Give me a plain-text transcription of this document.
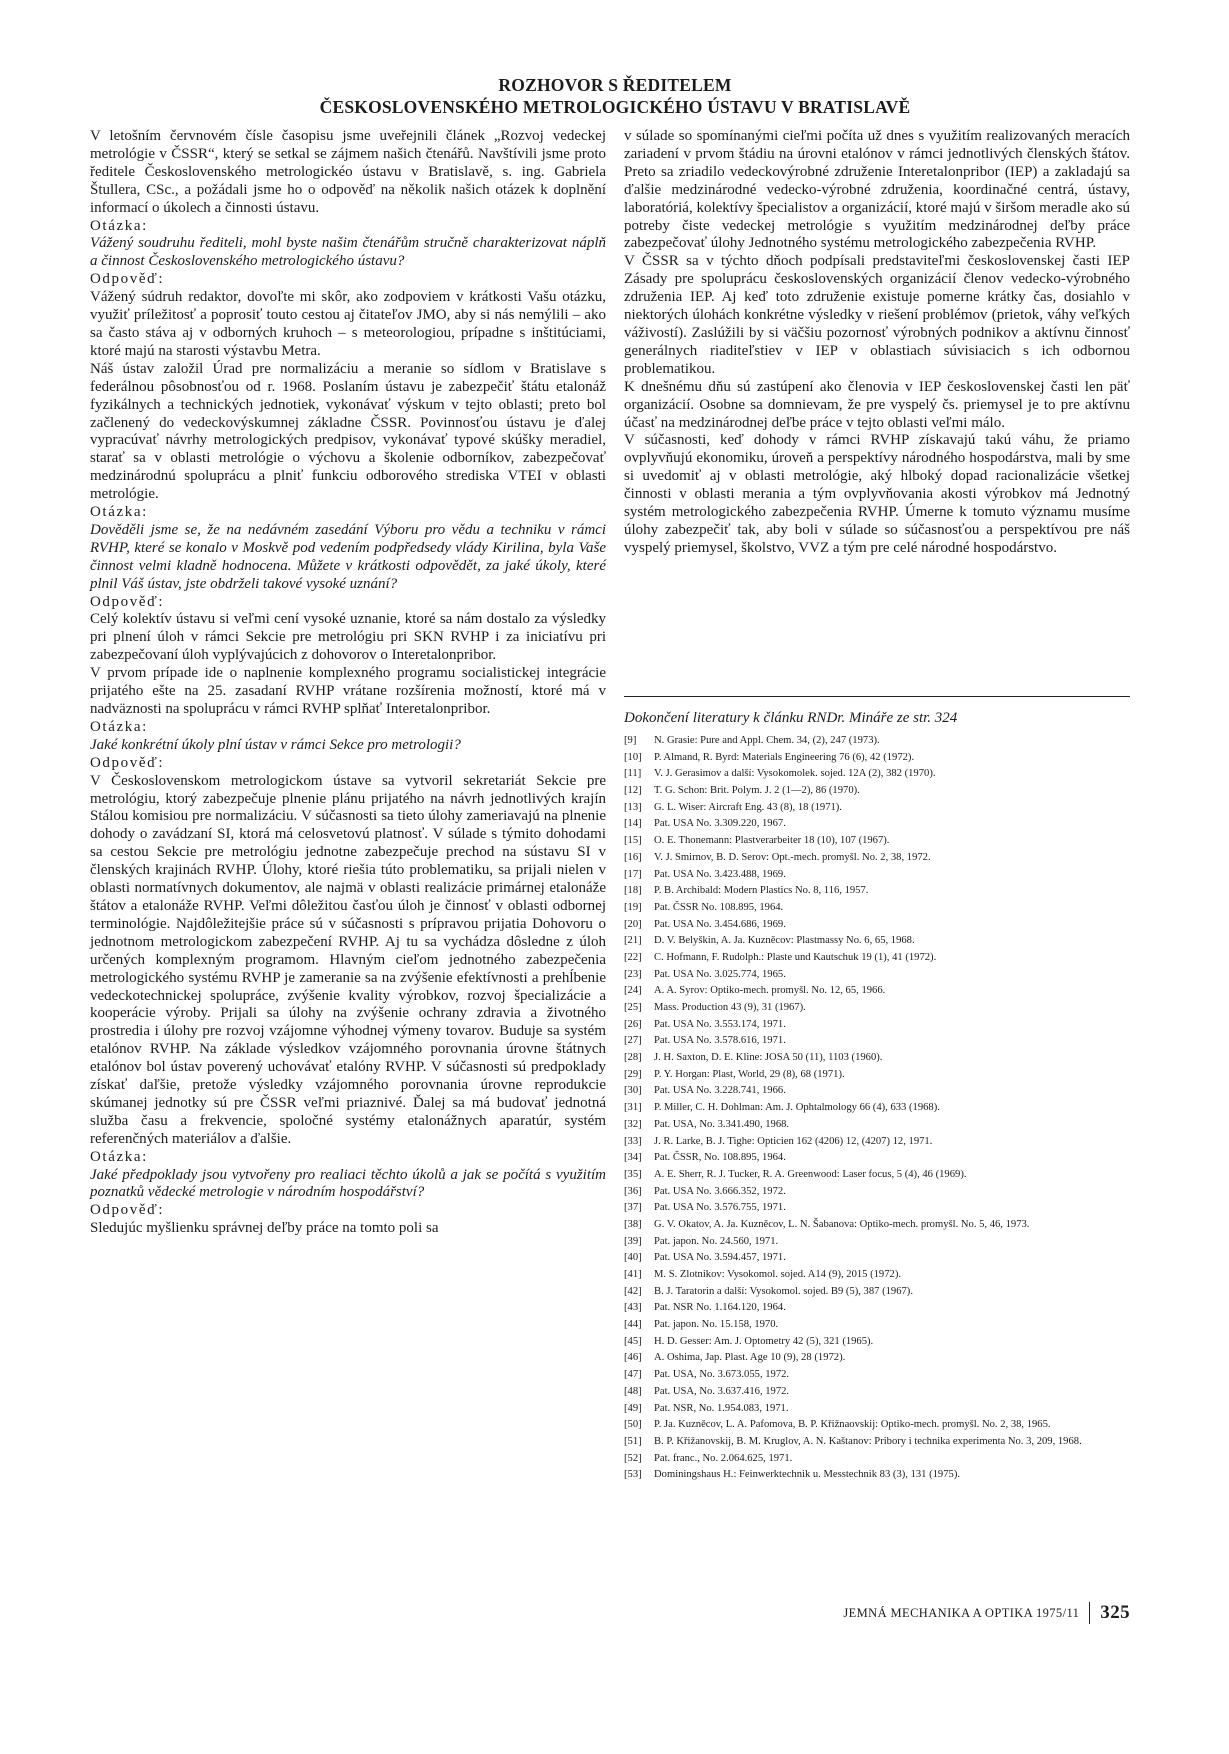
ROZHOVOR S ŘEDITELEM
ČESKOSLOVENSKÉHO METROLOGICKÉHO ÚSTAVU V BRATISLAVĚ

V letošním červnovém čísle časopisu jsme uveřejnili článek „Rozvoj vedeckej metrológie v ČSSR“, který se setkal se zájmem našich čtenářů. Navštívili jsme proto ředitele Československého metrologickéo ústavu v Bratislavě, s. ing. Gabriela Štullera, CSc., a požádali jsme ho o odpověď na několik našich otázek k doplnění informací o úkolech a činnosti ústavu.

Otázka:

Vážený soudruhu řediteli, mohl byste našim čtenářům stručně charakterizovat náplň a činnost Československého metrologického ústavu?

Odpověď:

Vážený súdruh redaktor, dovoľte mi skôr, ako zodpoviem v krátkosti Vašu otázku, využiť príležitosť a poprosiť touto cestou aj čitateľov JMO, aby si nás nemýlili – ako sa často stáva aj v odborných kruhoch – s meteorologiou, prípadne s inštitúciami, ktoré majú na starosti výstavbu Metra.

Náš ústav založil Úrad pre normalizáciu a meranie so sídlom v Bratislave s federálnou pôsobnosťou od r. 1968. Poslaním ústavu je zabezpečiť štátu etalonáž fyzikálnych a technických jednotiek, vykonávať výskum v tejto oblasti; preto bol začlenený do vedeckovýskumnej základne ČSSR. Povinnosťou ústavu je ďalej vypracúvať návrhy metrologických predpisov, vykonávať typové skúšky meradiel, starať sa v oblasti metrológie o výchovu a školenie odborníkov, zabezpečovať medzinárodnú spoluprácu a plniť funkciu odborového strediska VTEI v oblasti metrológie.

Otázka:

Dověděli jsme se, že na nedávném zasedání Výboru pro vědu a techniku v rámci RVHP, které se konalo v Moskvě pod vedením podpředsedy vlády Kirilina, byla Vaše činnost velmi kladně hodnocena. Můžete v krátkosti odpovědět, za jaké úkoly, které plnil Váš ústav, jste obdrželi takové vysoké uznání?

Odpověď:

Celý kolektív ústavu si veľmi cení vysoké uznanie, ktoré sa nám dostalo za výsledky pri plnení úloh v rámci Sekcie pre metrológiu pri SKN RVHP i za iniciatívu pri zabezpečovaní úloh vyplývajúcich z dohovorov o Interetalonpribor.

V prvom prípade ide o naplnenie komplexného programu socialistickej integrácie prijatého ešte na 25. zasadaní RVHP vrátane rozšírenia možností, ktoré má v nadväznosti na spoluprácu v rámci RVHP splňať Interetalonpribor.

Otázka:

Jaké konkrétní úkoly plní ústav v rámci Sekce pro metrologii?

Odpověď:

V Československom metrologickom ústave sa vytvoril sekretariát Sekcie pre metrológiu, ktorý zabezpečuje plnenie plánu prijatého na návrh jednotlivých krajín Stálou komisiou pre normalizáciu. V súčasnosti sa tieto úlohy zameriavajú na plnenie dohody o zavádzaní SI, ktorá má celosvetovú platnosť. V súlade s týmito dohodami sa cestou Sekcie pre metrológiu jednotne zabezpečuje prechod na sústavu SI v členských krajinách RVHP. Úlohy, ktoré riešia túto problematiku, sa prijali nielen v oblasti normatívnych dokumentov, ale najmä v oblasti realizácie primárnej etalonáže štátov a etalonáže RVHP. Veľmi dôležitou časťou úloh je činnosť v oblasti odbornej terminológie. Najdôležitejšie práce sú v súčasnosti s prípravou prijatia Dohovoru o jednotnom metrologickom zabezpečení RVHP. Aj tu sa vychádza dôsledne z úloh určených komplexným programom. Hlavným cieľom jednotného zabezpečenia metrologického systému RVHP je zameranie sa na zvýšenie efektívnosti a prehĺbenie vedeckotechnickej spolupráce, zvýšenie kvality výrobkov, rozvoj špecializácie a kooperácie výroby. Prijali sa úlohy na zvýšenie ochrany zdravia a životného prostredia i úlohy pre rozvoj vzájomne výhodnej výmeny tovarov. Buduje sa systém etalónov RVHP. Na základe výsledkov vzájomného porovnania úrovne štátnych etalónov bol ústav poverený uchovávať etalóny RVHP. V súčasnosti sú predpoklady získať daľšie, pretože výsledky vzájomného porovnania úrovne reprodukcie skúmanej jednotky sú pre ČSSR veľmi priaznivé. Ďalej sa má budovať jednotná služba času a frekvencie, spoločné systémy etalonážnych aparatúr, systém referenčných materiálov a ďalšie.

Otázka:

Jaké předpoklady jsou vytvořeny pro realiaci těchto úkolů a jak se počítá s využitím poznatků vědecké metrologie v národním hospodářství?

Odpověď:

Sledujúc myšlienku správnej deľby práce na tomto poli sa

v súlade so spomínanými cieľmi počíta už dnes s využitím realizovaných meracích zariadení v prvom štádiu na úrovni etalónov v rámci jednotlivých členských štátov. Preto sa zriadilo vedeckovýrobné združenie Interetalonpribor (IEP) a zakladajú sa ďalšie medzinárodné vedecko-výrobné združenia, koordinačné centrá, ústavy, laboratóriá, kolektívy špecialistov a organizácií, ktoré majú v širšom meradle ako sú potreby čiste vedeckej metrológie s využitím medzinárodnej deľby práce zabezpečovať úlohy Jednotného systému metrologického zabezpečenia RVHP.

V ČSSR sa v týchto dňoch podpísali predstaviteľmi československej časti IEP Zásady pre spoluprácu československých organizácií členov vedecko-výrobného združenia IEP. Aj keď toto združenie existuje pomerne krátky čas, dosiahlo v niektorých úlohách konkrétne výsledky v riešení problémov (prietok, váhy veľkých váživostí). Zaslúžili by si väčšiu pozornosť výrobných podnikov a aktívnu činnosť generálnych riaditeľstiev v IEP v oblastiach súvisiacich s ich odbornou problematikou.

K dnešnému dňu sú zastúpení ako členovia v IEP československej časti len päť organizácií. Osobne sa domnievam, že pre vyspelý čs. priemysel je to pre aktívnu účasť na medzinárodnej deľbe práce v tejto oblasti veľmi málo.

V súčasnosti, keď dohody v rámci RVHP získavajú takú váhu, že priamo ovplyvňujú ekonomiku, úroveň a perspektívy národného hospodárstva, mali by sme si uvedomiť aj v oblasti metrológie, aký hlboký dopad racionalizácie všetkej činnosti v oblasti merania a tým ovplyvňovania akosti výrobkov má Jednotný systém metrologického zabezpečenia RVHP. Úmerne k tomuto významu musíme úlohy zabezpečiť tak, aby boli v súlade so súčasnosťou a perspektívou pre náš vyspelý priemysel, školstvo, VVZ a tým pre celé národné hospodárstvo.

Dokončení literatury k článku RNDr. Mináře ze str. 324
[9]	N. Grasie: Pure and Appl. Chem. 34, (2), 247 (1973).
[10]	P. Almand, R. Byrd: Materials Engineering 76 (6), 42 (1972).
[11]	V. J. Gerasimov a další: Vysokomolek. sojed. 12A (2), 382 (1970).
[12]	T. G. Schon: Brit. Polym. J. 2 (1—2), 86 (1970).
[13]	G. L. Wiser: Aircraft Eng. 43 (8), 18 (1971).
[14]	Pat. USA No. 3.309.220, 1967.
[15]	O. E. Thonemann: Plastverarbeiter 18 (10), 107 (1967).
[16]	V. J. Smirnov, B. D. Serov: Opt.-mech. promyšl. No. 2, 38, 1972.
[17]	Pat. USA No. 3.423.488, 1969.
[18]	P. B. Archibald: Modern Plastics No. 8, 116, 1957.
[19]	Pat. ČSSR No. 108.895, 1964.
[20]	Pat. USA No. 3.454.686, 1969.
[21]	D. V. Belyškin, A. Ja. Kuzněcov: Plastmassy No. 6, 65, 1968.
[22]	C. Hofmann, F. Rudolph.: Plaste und Kautschuk 19 (1), 41 (1972).
[23]	Pat. USA No. 3.025.774, 1965.
[24]	A. A. Syrov: Optiko-mech. promyšl. No. 12, 65, 1966.
[25]	Mass. Production 43 (9), 31 (1967).
[26]	Pat. USA No. 3.553.174, 1971.
[27]	Pat. USA No. 3.578.616, 1971.
[28]	J. H. Saxton, D. E. Kline: JOSA 50 (11), 1103 (1960).
[29]	P. Y. Horgan: Plast, World, 29 (8), 68 (1971).
[30]	Pat. USA No. 3.228.741, 1966.
[31]	P. Miller, C. H. Dohlman: Am. J. Ophtalmology 66 (4), 633 (1968).
[32]	Pat. USA, No. 3.341.490, 1968.
[33]	J. R. Larke, B. J. Tighe: Opticien 162 (4206) 12, (4207) 12, 1971.
[34]	Pat. ČSSR, No. 108.895, 1964.
[35]	A. E. Sherr, R. J. Tucker, R. A. Greenwood: Laser focus, 5 (4), 46 (1969).
[36]	Pat. USA No. 3.666.352, 1972.
[37]	Pat. USA No. 3.576.755, 1971.
[38]	G. V. Okatov, A. Ja. Kuzněcov, L. N. Šabanova: Optiko-mech. promyšl. No. 5, 46, 1973.
[39]	Pat. japon. No. 24.560, 1971.
[40]	Pat. USA No. 3.594.457, 1971.
[41]	M. S. Zlotnikov: Vysokomol. sojed. A14 (9), 2015 (1972).
[42]	B. J. Taratorin a další: Vysokomol. sojed. B9 (5), 387 (1967).
[43]	Pat. NSR No. 1.164.120, 1964.
[44]	Pat. japon. No. 15.158, 1970.
[45]	H. D. Gesser: Am. J. Optometry 42 (5), 321 (1965).
[46]	A. Oshima, Jap. Plast. Age 10 (9), 28 (1972).
[47]	Pat. USA, No. 3.673.055, 1972.
[48]	Pat. USA, No. 3.637.416, 1972.
[49]	Pat. NSR, No. 1.954.083, 1971.
[50]	P. Ja. Kuzněcov, L. A. Pafomova, B. P. Křižnaovskij: Optiko-mech. promyšl. No. 2, 38, 1965.
[51]	B. P. Křižanovskij, B. M. Kruglov, A. N. Kaštanov: Pribory i technika experimenta No. 3, 209, 1968.
[52]	Pat. franc., No. 2.064.625, 1971.
[53]	Dominingshaus H.: Feinwerktechnik u. Messtechnik 83 (3), 131 (1975).
JEMNÁ MECHANIKA A OPTIKA 1975/11 325
